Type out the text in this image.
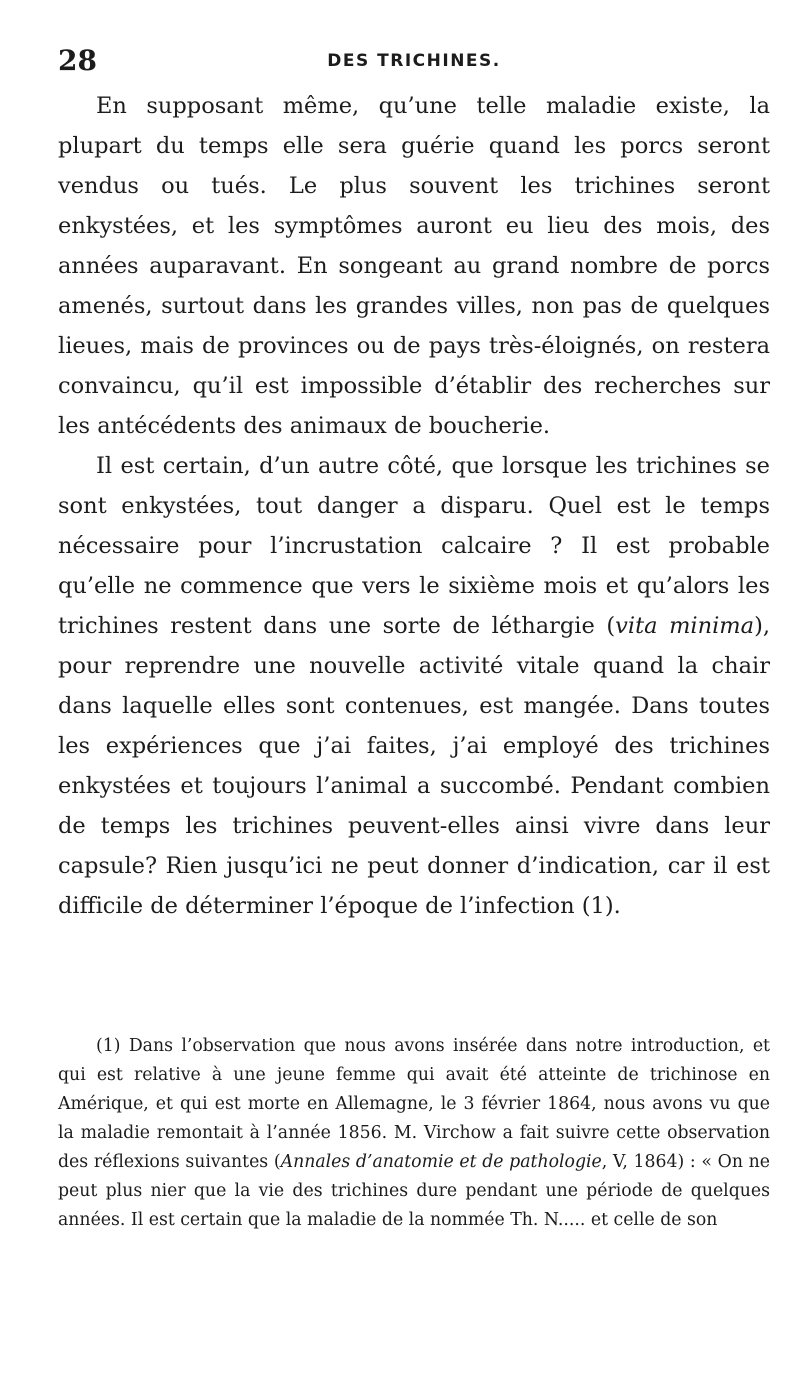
28	DES TRICHINES.

En supposant même, qu’une telle maladie existe, la plupart du temps elle sera guérie quand les porcs seront vendus ou tués. Le plus souvent les trichines seront enkystées, et les symptômes auront eu lieu des mois, des années auparavant. En songeant au grand nombre de porcs amenés, surtout dans les grandes villes, non pas de quelques lieues, mais de provinces ou de pays très-éloignés, on restera convaincu, qu’il est impossible d’établir des recherches sur les antécédents des animaux de boucherie.

Il est certain, d’un autre côté, que lorsque les trichines se sont enkystées, tout danger a disparu. Quel est le temps nécessaire pour l’incrustation calcaire ? Il est probable qu’elle ne commence que vers le sixième mois et qu’alors les trichines restent dans une sorte de léthargie (vita minima), pour reprendre une nouvelle activité vitale quand la chair dans laquelle elles sont contenues, est mangée. Dans toutes les expériences que j’ai faites, j’ai employé des trichines enkystées et toujours l’animal a succombé. Pendant combien de temps les trichines peuvent-elles ainsi vivre dans leur capsule? Rien jusqu’ici ne peut donner d’indication, car il est difficile de déterminer l’époque de l’infection (1).

(1) Dans l’observation que nous avons insérée dans notre introduction, et qui est relative à une jeune femme qui avait été atteinte de trichinose en Amérique, et qui est morte en Allemagne, le 3 février 1864, nous avons vu que la maladie remontait à l’année 1856. M. Virchow a fait suivre cette observation des réflexions suivantes (Annales d’anatomie et de pathologie, V, 1864) : « On ne peut plus nier que la vie des trichines dure pendant une période de quelques années. Il est certain que la maladie de la nommée Th. N..... et celle de son
